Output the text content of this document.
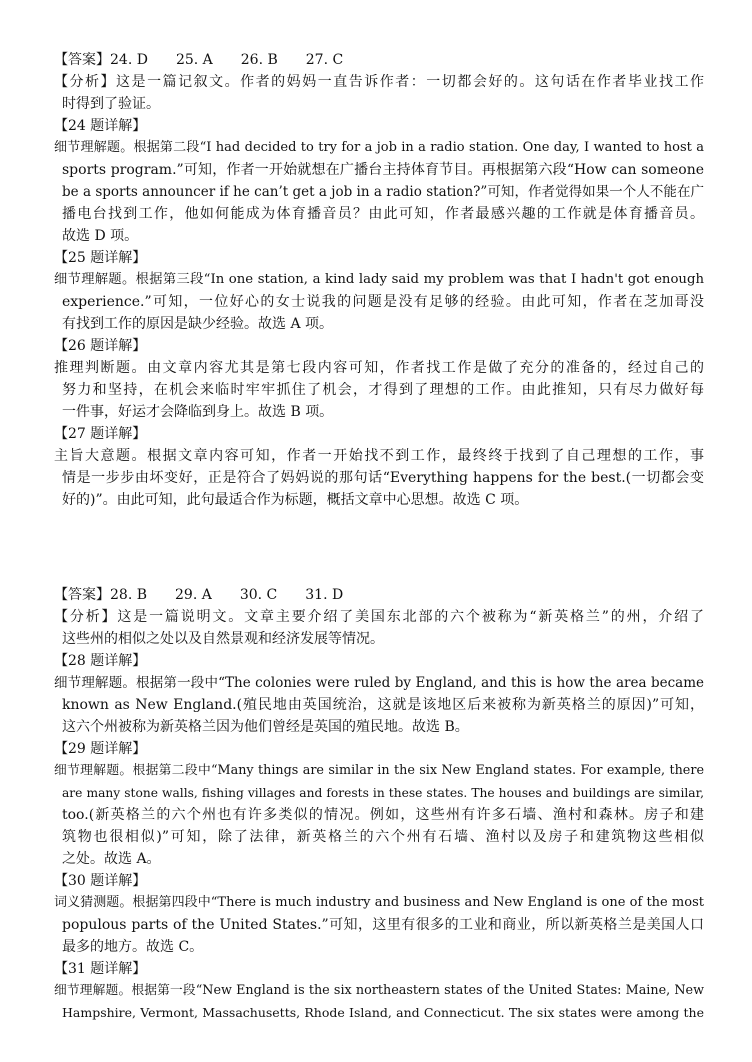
【答案】24. D　　25. A　　26. B　　27. C
【分析】这是一篇记叙文。作者的妈妈一直告诉作者：一切都会好的。这句话在作者毕业找工作
时得到了验证。
【24 题详解】
细节理解题。根据第二段“I had decided to try for a job in a radio station. One day, I wanted to host a
sports program.”可知，作者一开始就想在广播台主持体育节目。再根据第六段“How can someone
be a sports announcer if he can’t get a job in a radio station?”可知，作者觉得如果一个人不能在广
播电台找到工作，他如何能成为体育播音员？由此可知，作者最感兴趣的工作就是体育播音员。
故选 D 项。
【25 题详解】
细节理解题。根据第三段“In one station, a kind lady said my problem was that I hadn't got enough
experience.”可知，一位好心的女士说我的问题是没有足够的经验。由此可知，作者在芝加哥没
有找到工作的原因是缺少经验。故选 A 项。
【26 题详解】
推理判断题。由文章内容尤其是第七段内容可知，作者找工作是做了充分的准备的，经过自己的
努力和坚持，在机会来临时牢牢抓住了机会，才得到了理想的工作。由此推知，只有尽力做好每
一件事，好运才会降临到身上。故选 B 项。
【27 题详解】
主旨大意题。根据文章内容可知，作者一开始找不到工作，最终终于找到了自己理想的工作，事
情是一步步由坏变好，正是符合了妈妈说的那句话“Everything happens for the best.(一切都会变
好的)”。由此可知，此句最适合作为标题，概括文章中心思想。故选 C 项。
【答案】28. B　　29. A　　30. C　　31. D
【分析】这是一篇说明文。文章主要介绍了美国东北部的六个被称为“新英格兰”的州，介绍了
这些州的相似之处以及自然景观和经济发展等情况。
【28 题详解】
细节理解题。根据第一段中“The colonies were ruled by England, and this is how the area became
known as New England.(殖民地由英国统治，这就是该地区后来被称为新英格兰的原因)”可知，
这六个州被称为新英格兰因为他们曾经是英国的殖民地。故选 B。
【29 题详解】
细节理解题。根据第二段中“Many things are similar in the six New England states. For example, there
are many stone walls, fishing villages and forests in these states. The houses and buildings are similar,
too.(新英格兰的六个州也有许多类似的情况。例如，这些州有许多石墙、渔村和森林。房子和建
筑物也很相似)”可知，除了法律，新英格兰的六个州有石墙、渔村以及房子和建筑物这些相似
之处。故选 A。
【30 题详解】
词义猜测题。根据第四段中“There is much industry and business and New England is one of the most
populous parts of the United States.”可知，这里有很多的工业和商业，所以新英格兰是美国人口
最多的地方。故选 C。
【31 题详解】
细节理解题。根据第一段“New England is the six northeastern states of the United States: Maine, New
Hampshire, Vermont, Massachusetts, Rhode Island, and Connecticut. The six states were among the
